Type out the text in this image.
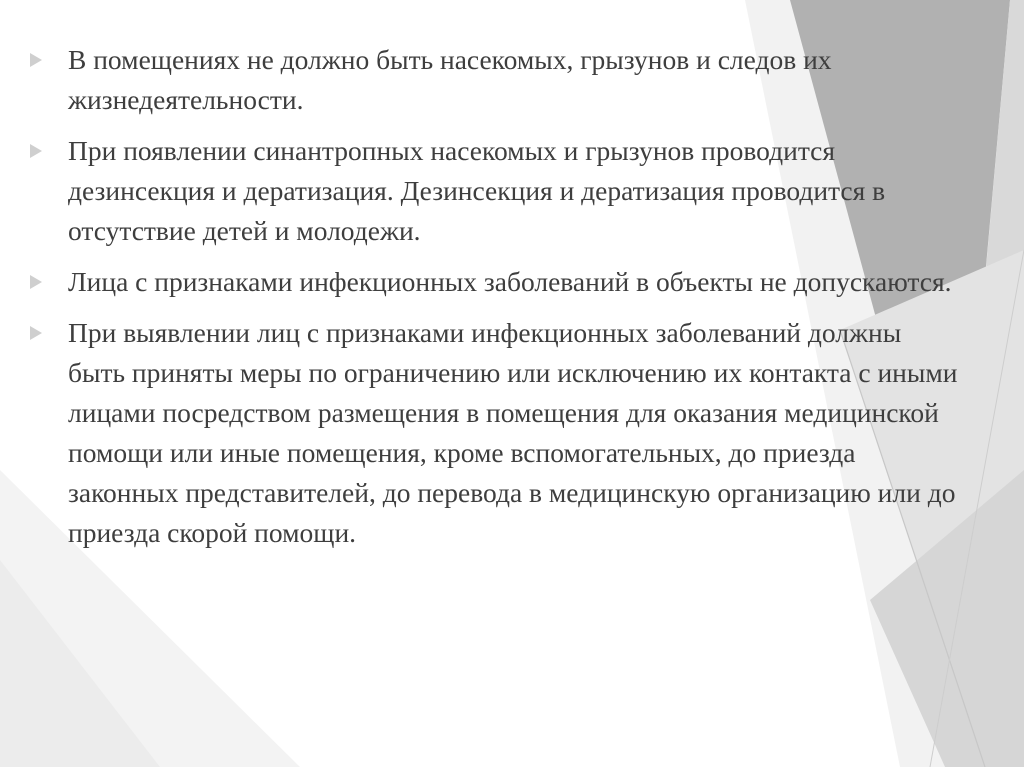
В помещениях не должно быть насекомых, грызунов и следов их жизнедеятельности.
При появлении синантропных насекомых и грызунов проводится дезинсекция и дератизация. Дезинсекция и дератизация проводится в отсутствие детей и молодежи.
Лица с признаками инфекционных заболеваний в объекты не допускаются.
При выявлении лиц с признаками инфекционных заболеваний должны быть приняты меры по ограничению или исключению их контакта с иными лицами посредством размещения в помещения для оказания медицинской помощи или иные помещения, кроме вспомогательных, до приезда законных представителей, до перевода в медицинскую организацию или до приезда скорой помощи.
